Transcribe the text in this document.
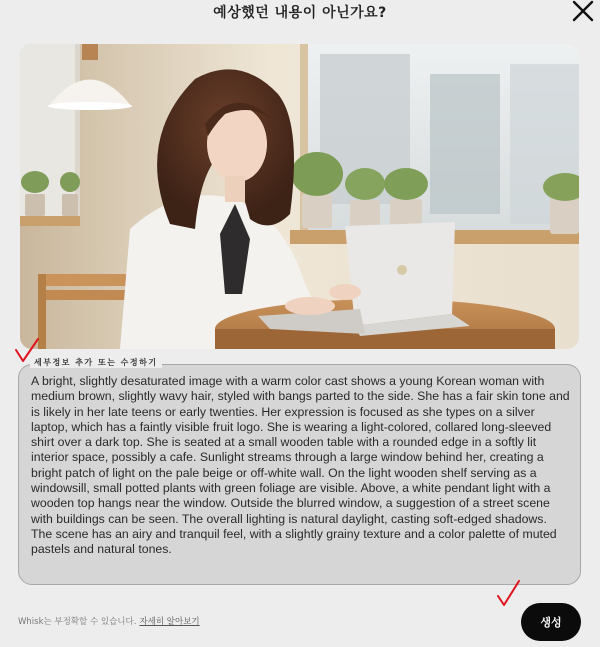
예상했던 내용이 아닌가요?
세부정보 추가 또는 수정하기
A bright, slightly desaturated image with a warm color cast shows a young Korean woman with medium brown, slightly wavy hair, styled with bangs parted to the side. She has a fair skin tone and is likely in her late teens or early twenties. Her expression is focused as she types on a silver laptop, which has a faintly visible fruit logo. She is wearing a light-colored, collared long-sleeved shirt over a dark top. She is seated at a small wooden table with a rounded edge in a softly lit interior space, possibly a cafe. Sunlight streams through a large window behind her, creating a bright patch of light on the pale beige or off-white wall. On the light wooden shelf serving as a windowsill, small potted plants with green foliage are visible. Above, a white pendant light with a wooden top hangs near the window. Outside the blurred window, a suggestion of a street scene with buildings can be seen. The overall lighting is natural daylight, casting soft-edged shadows. The scene has an airy and tranquil feel, with a slightly grainy texture and a color palette of muted pastels and natural tones.
Whisk는 부정확할 수 있습니다. 자세히 알아보기	생성
